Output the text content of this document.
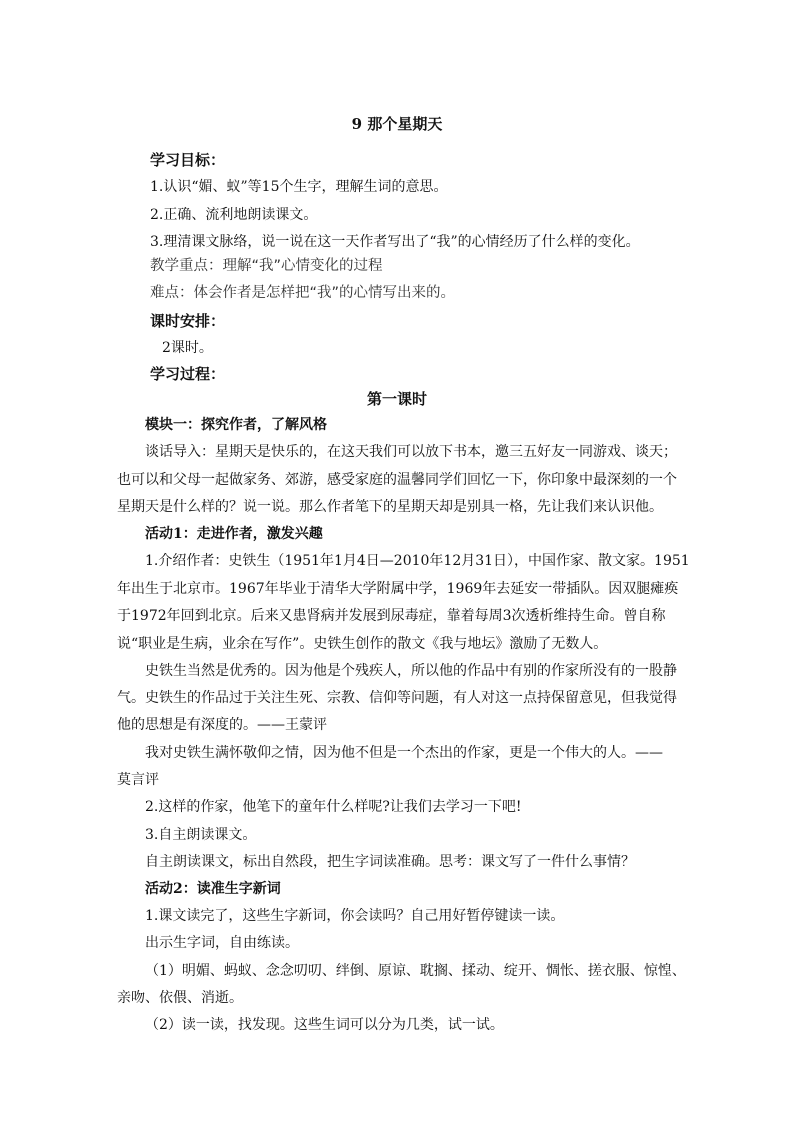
9 那个星期天
学习目标：
1.认识“媚、蚁”等15个生字，理解生词的意思。
2.正确、流利地朗读课文。
3.理清课文脉络，说一说在这一天作者写出了“我”的心情经历了什么样的变化。
教学重点：理解“我”心情变化的过程
难点：体会作者是怎样把“我”的心情写出来的。
课时安排：
2课时。
学习过程：
第一课时
模块一：探究作者，了解风格
谈话导入：星期天是快乐的，在这天我们可以放下书本，邀三五好友一同游戏、谈天；
也可以和父母一起做家务、郊游，感受家庭的温馨同学们回忆一下，你印象中最深刻的一个
星期天是什么样的？说一说。那么作者笔下的星期天却是别具一格，先让我们来认识他。
活动1：走进作者，激发兴趣
1.介绍作者：史铁生（1951年1月4日—2010年12月31日），中国作家、散文家。1951
年出生于北京市。1967年毕业于清华大学附属中学，1969年去延安一带插队。因双腿瘫痪
于1972年回到北京。后来又患肾病并发展到尿毒症，靠着每周3次透析维持生命。曾自称
说“职业是生病，业余在写作”。史铁生创作的散文《我与地坛》激励了无数人。
史铁生当然是优秀的。因为他是个残疾人，所以他的作品中有别的作家所没有的一股静
气。史铁生的作品过于关注生死、宗教、信仰等问题，有人对这一点持保留意见，但我觉得
他的思想是有深度的。——王蒙评
我对史铁生满怀敬仰之情，因为他不但是一个杰出的作家，更是一个伟大的人。——
莫言评
2.这样的作家，他笔下的童年什么样呢?让我们去学习一下吧!
3.自主朗读课文。
自主朗读课文，标出自然段，把生字词读准确。思考：课文写了一件什么事情？
活动2：读准生字新词
1.课文读完了，这些生字新词，你会读吗？自己用好暂停键读一读。
出示生字词，自由练读。
（1）明媚、蚂蚁、念念叨叨、绊倒、原谅、耽搁、揉动、绽开、惆怅、搓衣服、惊惶、
亲吻、依偎、消逝。
（2）读一读，找发现。这些生词可以分为几类，试一试。
